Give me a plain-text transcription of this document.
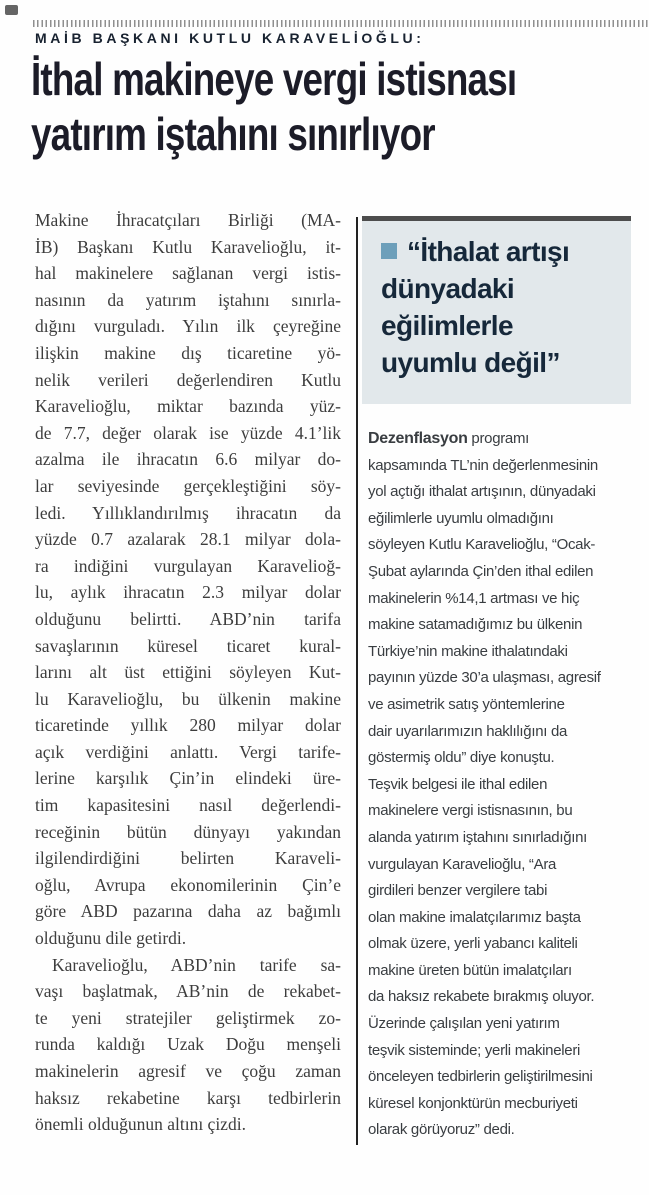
MAİB BAŞKANI KUTLU KARAVELİOĞLU:
İthal makineye vergi istisnası
yatırım iştahını sınırlıyor
Makine İhracatçıları Birliği (MA-
İB) Başkanı Kutlu Karavelioğlu, it-
hal makinelere sağlanan vergi istis-
nasının da yatırım iştahını sınırla-
dığını vurguladı. Yılın ilk çeyreğine
ilişkin makine dış ticaretine yö-
nelik verileri değerlendiren Kutlu
Karavelioğlu, miktar bazında yüz-
de 7.7, değer olarak ise yüzde 4.1’lik
azalma ile ihracatın 6.6 milyar do-
lar seviyesinde gerçekleştiğini söy-
ledi. Yıllıklandırılmış ihracatın da
yüzde 0.7 azalarak 28.1 milyar dola-
ra indiğini vurgulayan Karavelioğ-
lu, aylık ihracatın 2.3 milyar dolar
olduğunu belirtti. ABD’nin tarifa
savaşlarının küresel ticaret kural-
larını alt üst ettiğini söyleyen Kut-
lu Karavelioğlu, bu ülkenin makine
ticaretinde yıllık 280 milyar dolar
açık verdiğini anlattı. Vergi tarife-
lerine karşılık Çin’in elindeki üre-
tim kapasitesini nasıl değerlendi-
receğinin bütün dünyayı yakından
ilgilendirdiğini belirten Karaveli-
oğlu, Avrupa ekonomilerinin Çin’e
göre ABD pazarına daha az bağımlı
olduğunu dile getirdi.
Karavelioğlu, ABD’nin tarife sa-
vaşı başlatmak, AB’nin de rekabet-
te yeni stratejiler geliştirmek zo-
runda kaldığı Uzak Doğu menşeli
makinelerin agresif ve çoğu zaman
haksız rekabetine karşı tedbirlerin
önemli olduğunun altını çizdi.
“İthalat artışı
dünyadaki
eğilimlerle
uyumlu değil”
Dezenflasyon programı
kapsamında TL’nin değerlenmesinin
yol açtığı ithalat artışının, dünyadaki
eğilimlerle uyumlu olmadığını
söyleyen Kutlu Karavelioğlu, “Ocak-
Şubat aylarında Çin’den ithal edilen
makinelerin %14,1 artması ve hiç
makine satamadığımız bu ülkenin
Türkiye’nin makine ithalatındaki
payının yüzde 30’a ulaşması, agresif
ve asimetrik satış yöntemlerine
dair uyarılarımızın haklılığını da
göstermiş oldu” diye konuştu.
Teşvik belgesi ile ithal edilen
makinelere vergi istisnasının, bu
alanda yatırım iştahını sınırladığını
vurgulayan Karavelioğlu, “Ara
girdileri benzer vergilere tabi
olan makine imalatçılarımız başta
olmak üzere, yerli yabancı kaliteli
makine üreten bütün imalatçıları
da haksız rekabete bırakmış oluyor.
Üzerinde çalışılan yeni yatırım
teşvik sisteminde; yerli makineleri
önceleyen tedbirlerin geliştirilmesini
küresel konjonktürün mecburiyeti
olarak görüyoruz” dedi.
